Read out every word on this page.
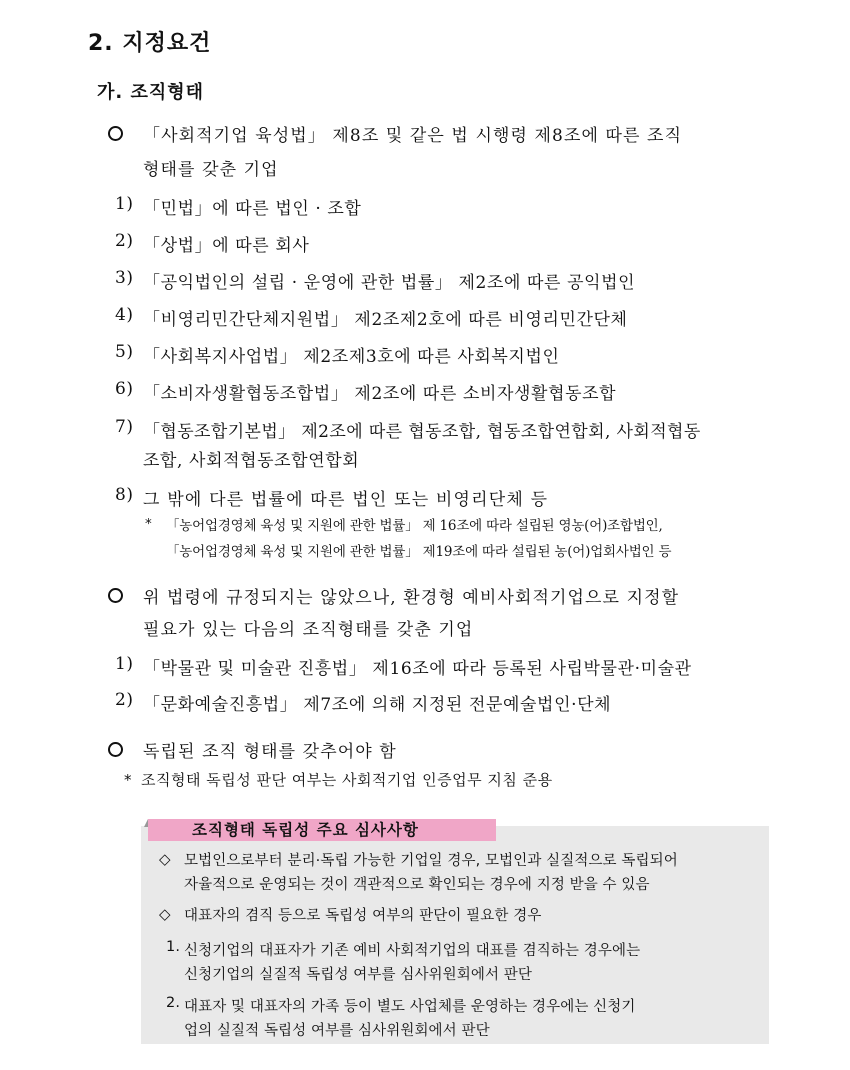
2. 지정요건
가. 조직형태
「사회적기업 육성법」 제8조 및 같은 법 시행령 제8조에 따른 조직
형태를 갖춘 기업
1) 「민법」에 따른 법인 · 조합
2) 「상법」에 따른 회사
3) 「공익법인의 설립 · 운영에 관한 법률」 제2조에 따른 공익법인
4) 「비영리민간단체지원법」 제2조제2호에 따른 비영리민간단체
5) 「사회복지사업법」 제2조제3호에 따른 사회복지법인
6) 「소비자생활협동조합법」 제2조에 따른 소비자생활협동조합
7) 「협동조합기본법」 제2조에 따른 협동조합, 협동조합연합회, 사회적협동
조합, 사회적협동조합연합회
8) 그 밖에 다른 법률에 따른 법인 또는 비영리단체 등
* 「농어업경영체 육성 및 지원에 관한 법률」 제 16조에 따라 설립된 영농(어)조합법인,
「농어업경영체 육성 및 지원에 관한 법률」 제19조에 따라 설립된 농(어)업회사법인 등
위 법령에 규정되지는 않았으나, 환경형 예비사회적기업으로 지정할
필요가 있는 다음의 조직형태를 갖춘 기업
1) 「박물관 및 미술관 진흥법」 제16조에 따라 등록된 사립박물관·미술관
2) 「문화예술진흥법」 제7조에 의해 지정된 전문예술법인·단체
독립된 조직 형태를 갖추어야 함
* 조직형태 독립성 판단 여부는 사회적기업 인증업무 지침 준용
조직형태 독립성 주요 심사사항
◇ 모법인으로부터 분리·독립 가능한 기업일 경우, 모법인과 실질적으로 독립되어
자율적으로 운영되는 것이 객관적으로 확인되는 경우에 지정 받을 수 있음
◇ 대표자의 겸직 등으로 독립성 여부의 판단이 필요한 경우
1. 신청기업의 대표자가 기존 예비 사회적기업의 대표를 겸직하는 경우에는
신청기업의 실질적 독립성 여부를 심사위원회에서 판단
2. 대표자 및 대표자의 가족 등이 별도 사업체를 운영하는 경우에는 신청기
업의 실질적 독립성 여부를 심사위원회에서 판단
